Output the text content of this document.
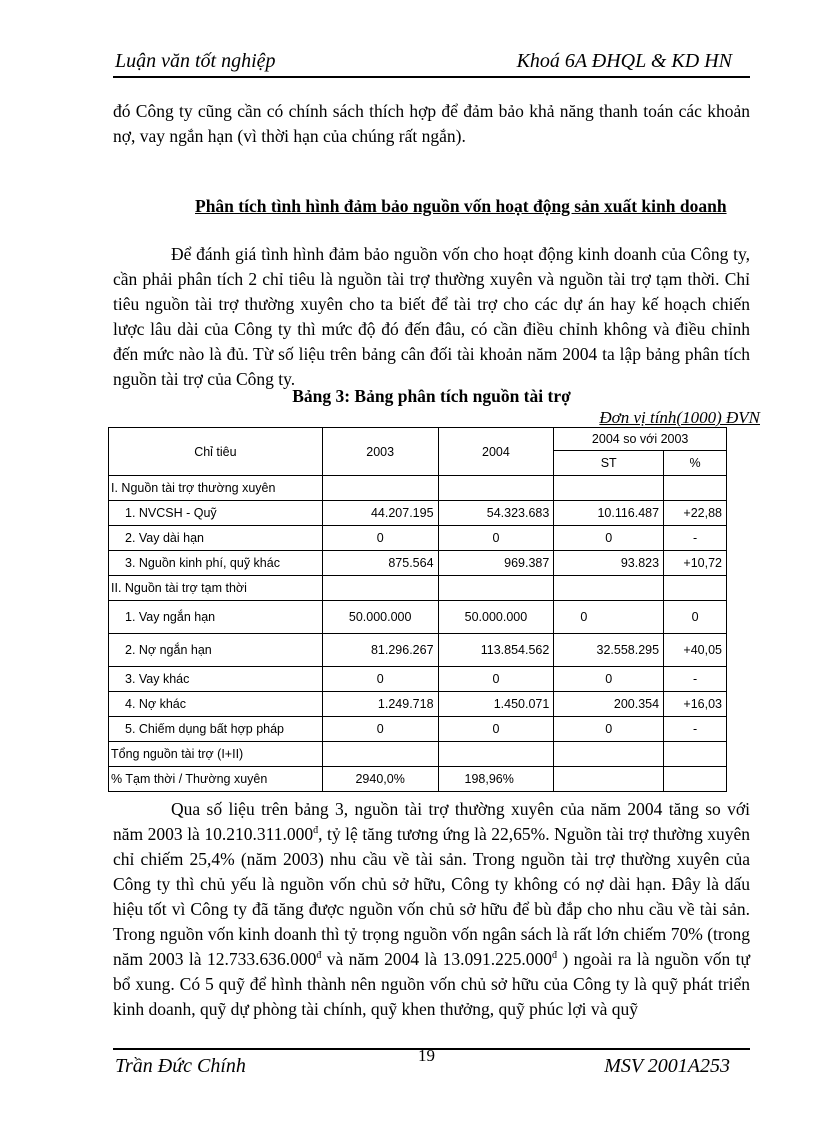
Luận văn tốt nghiệp	Khoá 6A ĐHQL & KD HN
đó Công ty cũng cần có chính sách thích hợp để đảm bảo khả năng thanh toán các khoản nợ, vay ngắn hạn (vì thời hạn của chúng rất ngắn).
Phân tích tình hình đảm bảo nguồn vốn hoạt động sản xuất kinh doanh
Để đánh giá tình hình đảm bảo nguồn vốn cho hoạt động kinh doanh của Công ty, cần phải phân tích 2 chỉ tiêu là nguồn tài trợ thường xuyên và nguồn tài trợ tạm thời. Chỉ tiêu nguồn tài trợ thường xuyên cho ta biết để tài trợ cho các dự án hay kế hoạch chiến lược lâu dài của Công ty thì mức độ đó đến đâu, có cần điều chỉnh không và điều chỉnh đến mức nào là đủ. Từ số liệu trên bảng cân đối tài khoản năm 2004 ta lập bảng phân tích nguồn tài trợ của Công ty.
Bảng 3: Bảng phân tích nguồn tài trợ
Đơn vị tính(1000) ĐVN
Chỉ tiêu	2003	2004	2004 so với 2003	
			ST	%
I. Nguồn tài trợ thường xuyên				
1. NVCSH - Quỹ	44.207.195	54.323.683	10.116.487	+22,88
2. Vay dài hạn	0	0	0	-
3. Nguồn kinh phí, quỹ khác	875.564	969.387	93.823	+10,72
II. Nguồn tài trợ tạm thời				
1. Vay ngắn hạn	50.000.000	50.000.000	0	0
2. Nợ ngắn hạn	81.296.267	113.854.562	32.558.295	+40,05
3. Vay khác	0	0	0	-
4. Nợ khác	1.249.718	1.450.071	200.354	+16,03
5. Chiếm dụng bất hợp pháp	0	0	0	-
Tổng nguồn tài trợ (I+II)				
% Tạm thời / Thường xuyên	2940,0%	198,96%		
Qua số liệu trên bảng 3, nguồn tài trợ thường xuyên của năm 2004 tăng so với năm 2003 là $10.210.311.000^đ$, tỷ lệ tăng tương ứng là 22,65%. Nguồn tài trợ thường xuyên chỉ chiếm 25,4% (năm 2003) nhu cầu về tài sản. Trong nguồn tài trợ thường xuyên của Công ty thì chủ yếu là nguồn vốn chủ sở hữu, Công ty không có nợ dài hạn. Đây là dấu hiệu tốt vì Công ty đã tăng được nguồn vốn chủ sở hữu để bù đắp cho nhu cầu về tài sản. Trong nguồn vốn kinh doanh thì tỷ trọng nguồn vốn ngân sách là rất lớn chiếm 70% (trong năm 2003 là $12.733.636.000^đ$ và năm 2004 là $13.091.225.000^đ$ ) ngoài ra là nguồn vốn tự bổ xung. Có 5 quỹ để hình thành nên nguồn vốn chủ sở hữu của Công ty là quỹ phát triển kinh doanh, quỹ dự phòng tài chính, quỹ khen thưởng, quỹ phúc lợi và quỹ
Trần Đức Chính	19	MSV 2001A253
